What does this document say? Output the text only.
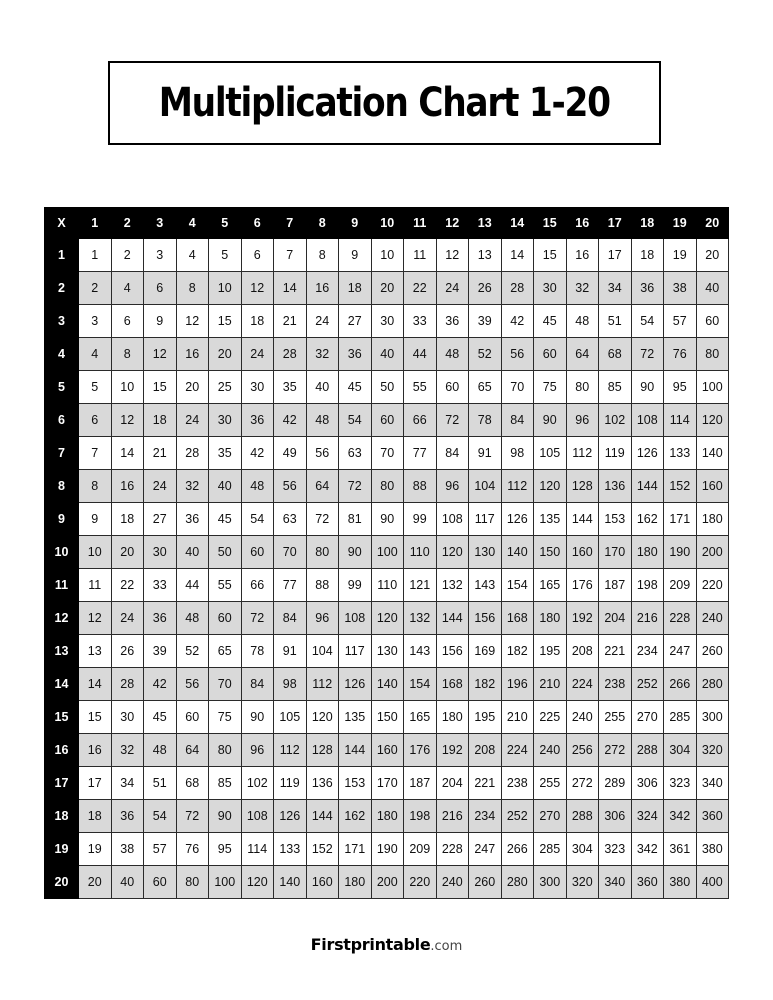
Multiplication Chart 1-20
X	1	2	3	4	5	6	7	8	9	10	11	12	13	14	15	16	17	18	19	20
1	1	2	3	4	5	6	7	8	9	10	11	12	13	14	15	16	17	18	19	20
2	2	4	6	8	10	12	14	16	18	20	22	24	26	28	30	32	34	36	38	40
3	3	6	9	12	15	18	21	24	27	30	33	36	39	42	45	48	51	54	57	60
4	4	8	12	16	20	24	28	32	36	40	44	48	52	56	60	64	68	72	76	80
5	5	10	15	20	25	30	35	40	45	50	55	60	65	70	75	80	85	90	95	100
6	6	12	18	24	30	36	42	48	54	60	66	72	78	84	90	96	102	108	114	120
7	7	14	21	28	35	42	49	56	63	70	77	84	91	98	105	112	119	126	133	140
8	8	16	24	32	40	48	56	64	72	80	88	96	104	112	120	128	136	144	152	160
9	9	18	27	36	45	54	63	72	81	90	99	108	117	126	135	144	153	162	171	180
10	10	20	30	40	50	60	70	80	90	100	110	120	130	140	150	160	170	180	190	200
11	11	22	33	44	55	66	77	88	99	110	121	132	143	154	165	176	187	198	209	220
12	12	24	36	48	60	72	84	96	108	120	132	144	156	168	180	192	204	216	228	240
13	13	26	39	52	65	78	91	104	117	130	143	156	169	182	195	208	221	234	247	260
14	14	28	42	56	70	84	98	112	126	140	154	168	182	196	210	224	238	252	266	280
15	15	30	45	60	75	90	105	120	135	150	165	180	195	210	225	240	255	270	285	300
16	16	32	48	64	80	96	112	128	144	160	176	192	208	224	240	256	272	288	304	320
17	17	34	51	68	85	102	119	136	153	170	187	204	221	238	255	272	289	306	323	340
18	18	36	54	72	90	108	126	144	162	180	198	216	234	252	270	288	306	324	342	360
19	19	38	57	76	95	114	133	152	171	190	209	228	247	266	285	304	323	342	361	380
20	20	40	60	80	100	120	140	160	180	200	220	240	260	280	300	320	340	360	380	400
Firstprintable.com
